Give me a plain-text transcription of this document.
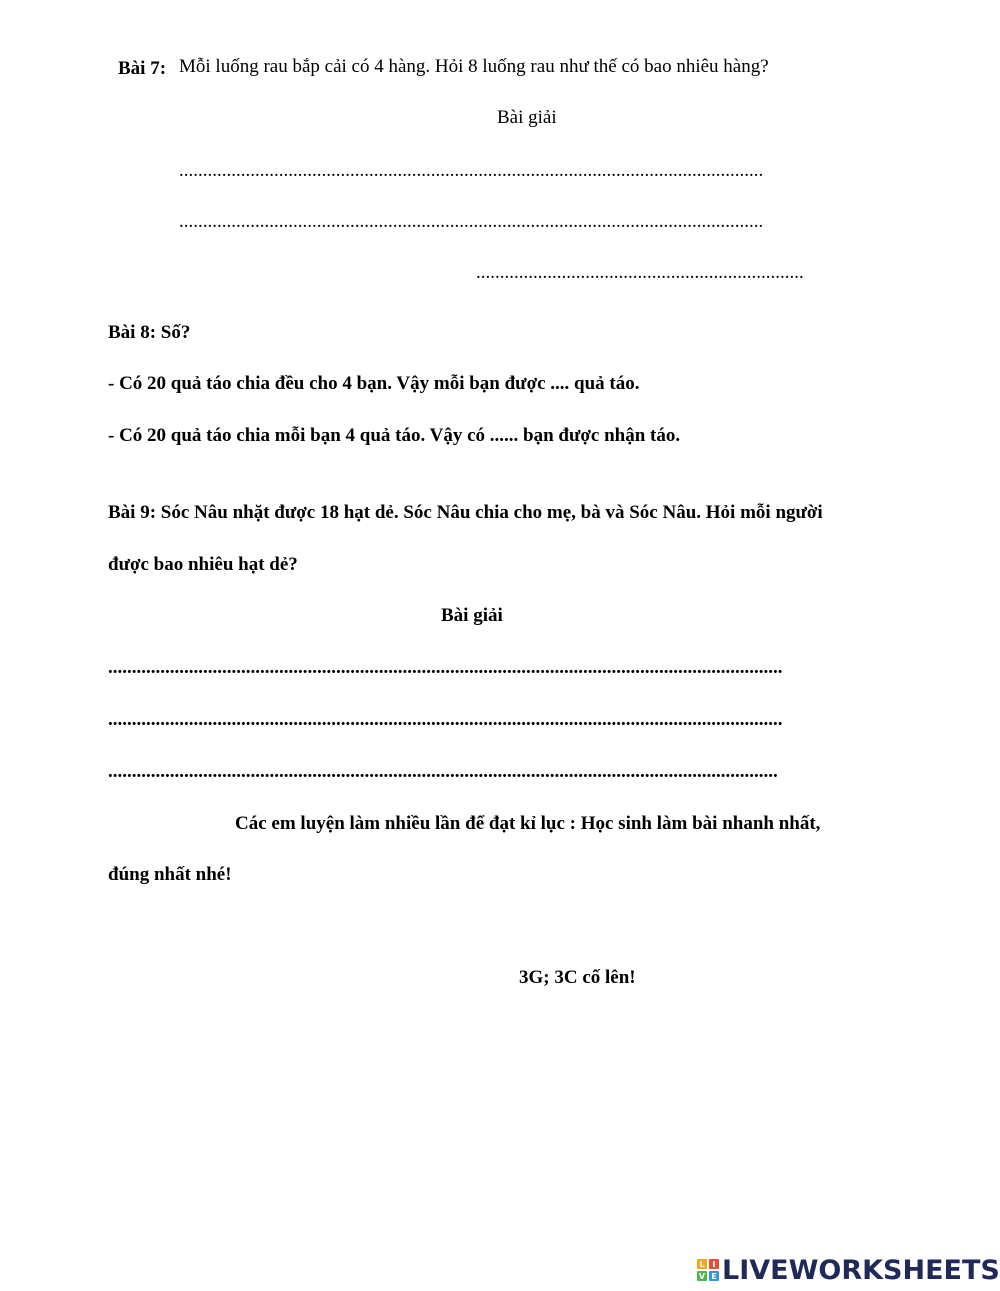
Bài 7: Mỗi luống rau bắp cải có 4 hàng. Hỏi 8 luống rau như thế có bao nhiêu hàng?
Bài giải
...........................................................................................................................
...........................................................................................................................
.....................................................................
Bài 8: Số?
- Có 20 quả táo chia đều cho 4 bạn. Vậy mỗi bạn được .... quả táo.
- Có 20 quả táo chia mỗi bạn 4 quả táo. Vậy có ...... bạn được nhận táo.
Bài 9: Sóc Nâu nhặt được 18 hạt dẻ. Sóc Nâu chia cho mẹ, bà và Sóc Nâu. Hỏi mỗi người
được bao nhiêu hạt dẻ?
Bài giải
..............................................................................................................................................
..............................................................................................................................................
.............................................................................................................................................
Các em luyện làm nhiều lần để đạt kỉ lục : Học sinh làm bài nhanh nhất,
đúng nhất nhé!
3G; 3C cố lên!
L I
V E LIVEWORKSHEETS
